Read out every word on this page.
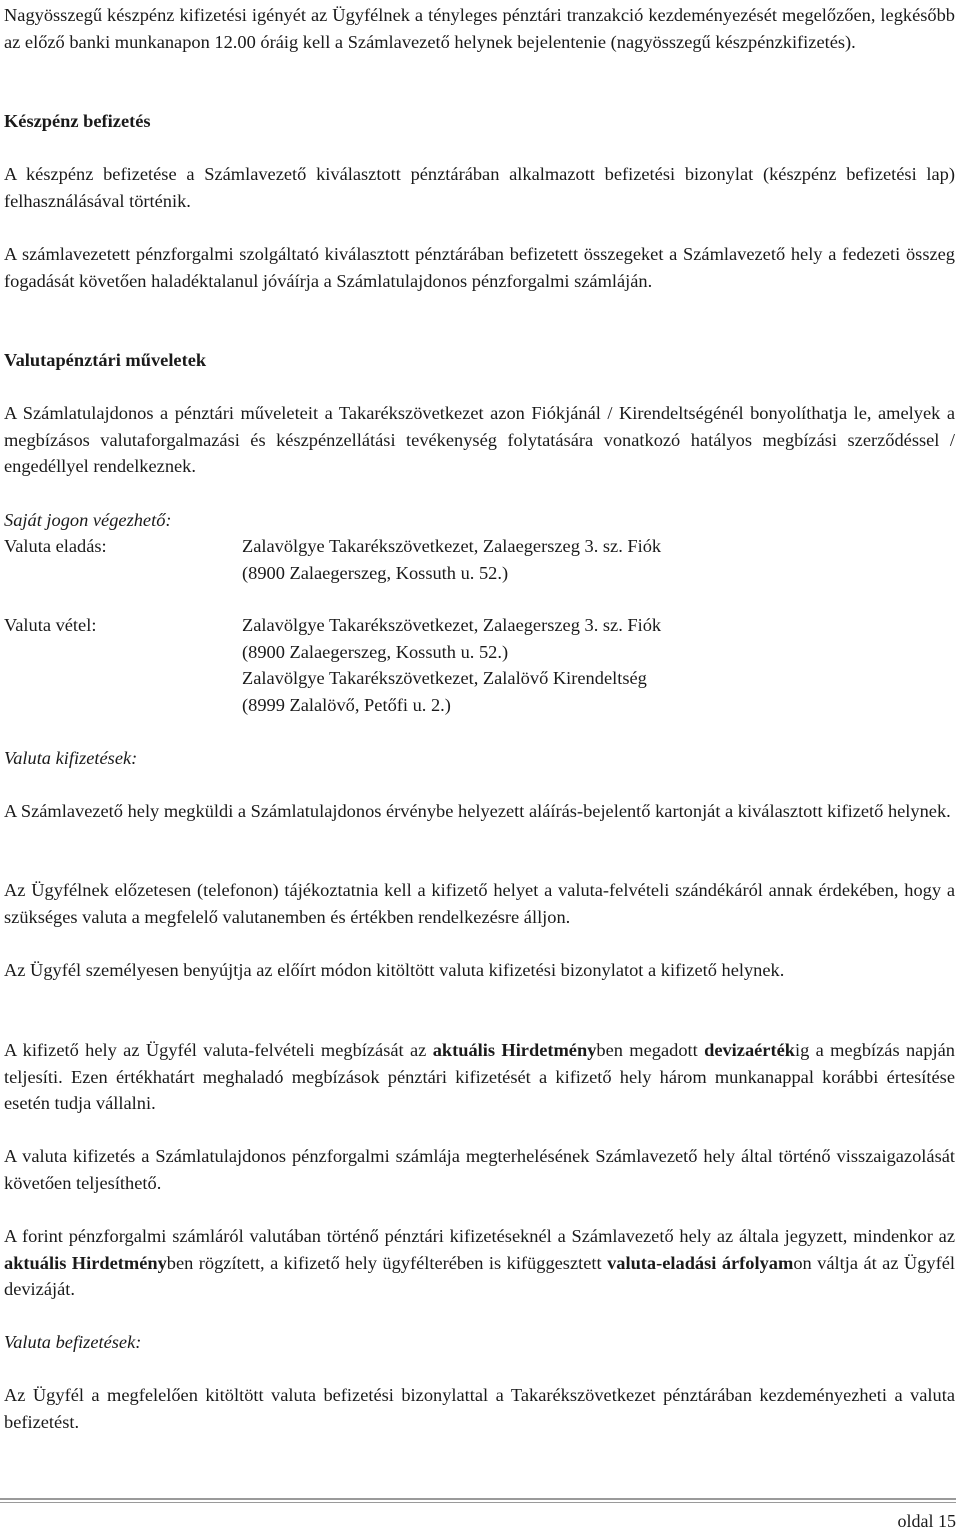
Nagyösszegű készpénz kifizetési igényét az Ügyfélnek a tényleges pénztári tranzakció kezdeményezését megelőzően, legkésőbb az előző banki munkanapon 12.00 óráig kell a Számlavezető helynek bejelentenie (nagyösszegű készpénzkifizetés).

Készpénz befizetés

A készpénz befizetése a Számlavezető kiválasztott pénztárában alkalmazott befizetési bizonylat (készpénz befizetési lap) felhasználásával történik.

A számlavezetett pénzforgalmi szolgáltató kiválasztott pénztárában befizetett összegeket a Számlavezető hely a fedezeti összeg fogadását követően haladéktalanul jóváírja a Számlatulajdonos pénzforgalmi számláján.

Valutapénztári műveletek

A Számlatulajdonos a pénztári műveleteit a Takarékszövetkezet azon Fiókjánál / Kirendeltségénél bonyolíthatja le, amelyek a megbízásos valutaforgalmazási és készpénzellátási tevékenység folytatására vonatkozó hatályos megbízási szerződéssel / engedéllyel rendelkeznek.

Saját jogon végezhető:

Valuta eladás:	Zalavölgye Takarékszövetkezet, Zalaegerszeg 3. sz. Fiók
(8900 Zalaegerszeg, Kossuth u. 52.)
Valuta vétel:	Zalavölgye Takarékszövetkezet, Zalaegerszeg 3. sz. Fiók
(8900 Zalaegerszeg, Kossuth u. 52.)
Zalavölgye Takarékszövetkezet, Zalalövő Kirendeltség
(8999 Zalalövő, Petőfi u. 2.)

Valuta kifizetések:

A Számlavezető hely megküldi a Számlatulajdonos érvénybe helyezett aláírás-bejelentő kartonját a kiválasztott kifizető helynek.

Az Ügyfélnek előzetesen (telefonon) tájékoztatnia kell a kifizető helyet a valuta-felvételi szándékáról annak érdekében, hogy a szükséges valuta a megfelelő valutanemben és értékben rendelkezésre álljon.

Az Ügyfél személyesen benyújtja az előírt módon kitöltött valuta kifizetési bizonylatot a kifizető helynek.

A kifizető hely az Ügyfél valuta-felvételi megbízását az aktuális Hirdetményben megadott devizaértékig a megbízás napján teljesíti. Ezen értékhatárt meghaladó megbízások pénztári kifizetését a kifizető hely három munkanappal korábbi értesítése esetén tudja vállalni.

A valuta kifizetés a Számlatulajdonos pénzforgalmi számlája megterhelésének Számlavezető hely által történő visszaigazolását követően teljesíthető.

A forint pénzforgalmi számláról valutában történő pénztári kifizetéseknél a Számlavezető hely az általa jegyzett, mindenkor az aktuális Hirdetményben rögzített, a kifizető hely ügyfélterében is kifüggesztett valuta-eladási árfolyamon váltja át az Ügyfél devizáját.

Valuta befizetések:

Az Ügyfél a megfelelően kitöltött valuta befizetési bizonylattal a Takarékszövetkezet pénztárában kezdeményezheti a valuta befizetést.

oldal 15
